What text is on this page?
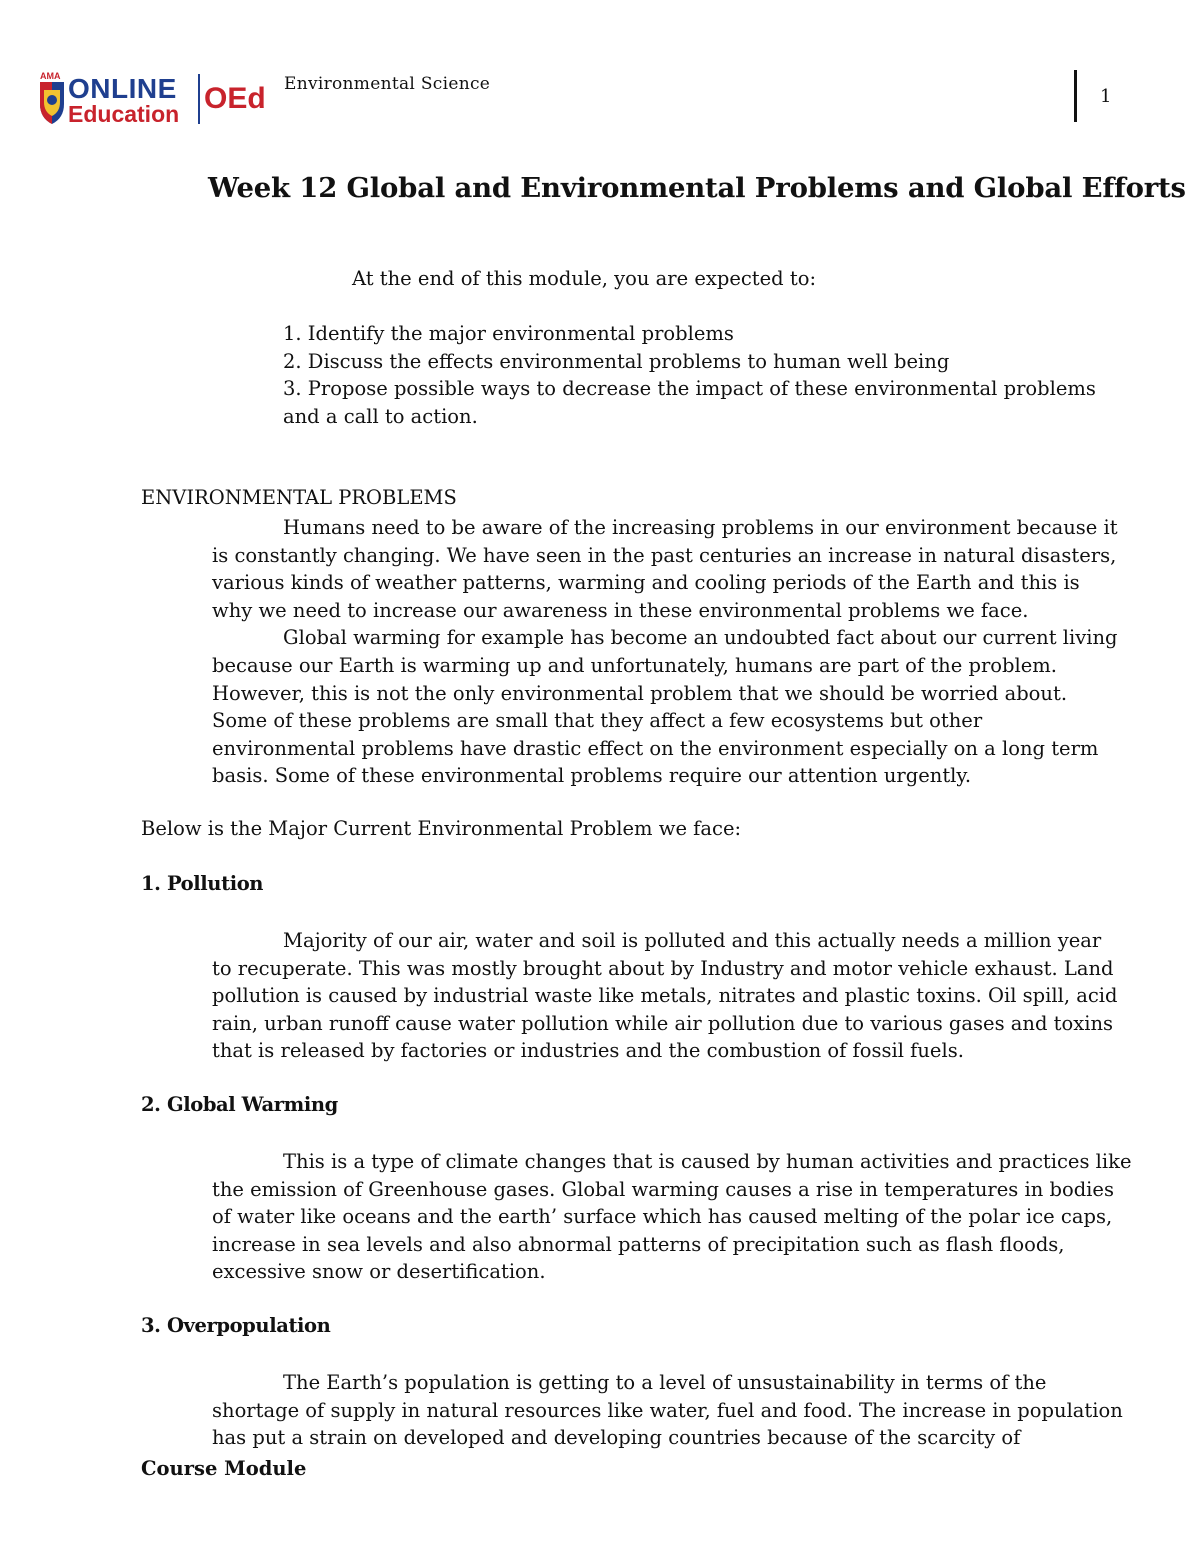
AMA ONLINE
Education OEd Environmental Science
1
Week 12 Global and Environmental Problems and Global Efforts
At the end of this module, you are expected to:
1. Identify the major environmental problems
2. Discuss the effects environmental problems to human well being
3. Propose possible ways to decrease the impact of these environmental problems
and a call to action.
ENVIRONMENTAL PROBLEMS

Humans need to be aware of the increasing problems in our environment because it
is constantly changing. We have seen in the past centuries an increase in natural disasters,
various kinds of weather patterns, warming and cooling periods of the Earth and this is
why we need to increase our awareness in these environmental problems we face.
Global warming for example has become an undoubted fact about our current living
because our Earth is warming up and unfortunately, humans are part of the problem.
However, this is not the only environmental problem that we should be worried about.
Some of these problems are small that they affect a few ecosystems but other
environmental problems have drastic effect on the environment especially on a long term
basis. Some of these environmental problems require our attention urgently.

Below is the Major Current Environmental Problem we face:
1. Pollution

Majority of our air, water and soil is polluted and this actually needs a million year
to recuperate. This was mostly brought about by Industry and motor vehicle exhaust. Land
pollution is caused by industrial waste like metals, nitrates and plastic toxins. Oil spill, acid
rain, urban runoff cause water pollution while air pollution due to various gases and toxins
that is released by factories or industries and the combustion of fossil fuels.

2. Global Warming

This is a type of climate changes that is caused by human activities and practices like
the emission of Greenhouse gases. Global warming causes a rise in temperatures in bodies
of water like oceans and the earth’ surface which has caused melting of the polar ice caps,
increase in sea levels and also abnormal patterns of precipitation such as flash floods,
excessive snow or desertification.

3. Overpopulation

The Earth’s population is getting to a level of unsustainability in terms of the
shortage of supply in natural resources like water, fuel and food. The increase in population
has put a strain on developed and developing countries because of the scarcity of

Course Module
